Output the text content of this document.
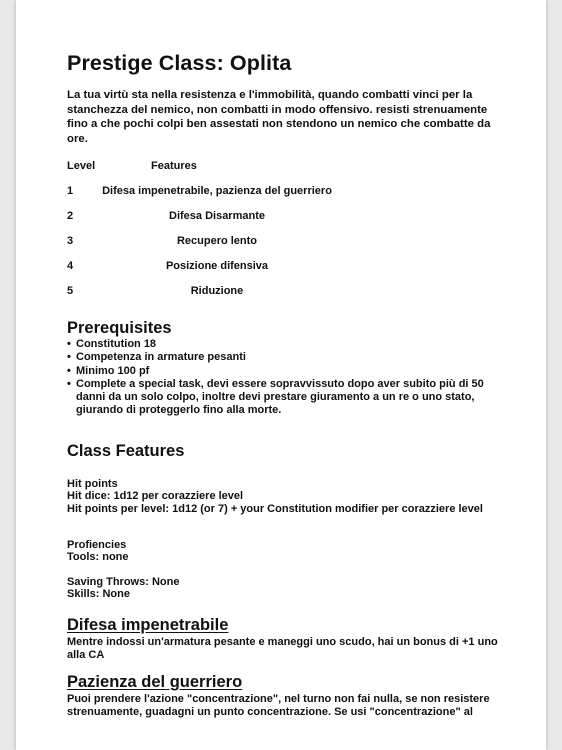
Prestige Class: Oplita

La tua virtù sta nella resistenza e l'immobilità, quando combatti vinci per la stanchezza del nemico, non combatti in modo offensivo. resisti strenuamente fino a che pochi colpi ben assestati non stendono un nemico che combatte da ore.

Level	Features
1	Difesa impenetrabile, pazienza del guerriero
2	Difesa Disarmante
3	Recupero lento
4	Posizione difensiva
5	Riduzione
Prerequisites
• Constitution 18
• Competenza in armature pesanti
• Minimo 100 pf
• Complete a special task, devi essere sopravvissuto dopo aver subito più di 50 danni da un solo colpo, inoltre devi prestare giuramento a un re o uno stato, giurando di proteggerlo fino alla morte.
Class Features
Hit points
Hit dice: 1d12 per corazziere level
Hit points per level: 1d12 (or 7) + your Constitution modifier per corazziere level
Profiencies
Tools: none
Saving Throws: None
Skills: None
Difesa impenetrabile
Mentre indossi un'armatura pesante e maneggi uno scudo, hai un bonus di +1 uno alla CA
Pazienza del guerriero
Puoi prendere l'azione "concentrazione", nel turno non fai nulla, se non resistere strenuamente, guadagni un punto concentrazione. Se usi "concentrazione" al
